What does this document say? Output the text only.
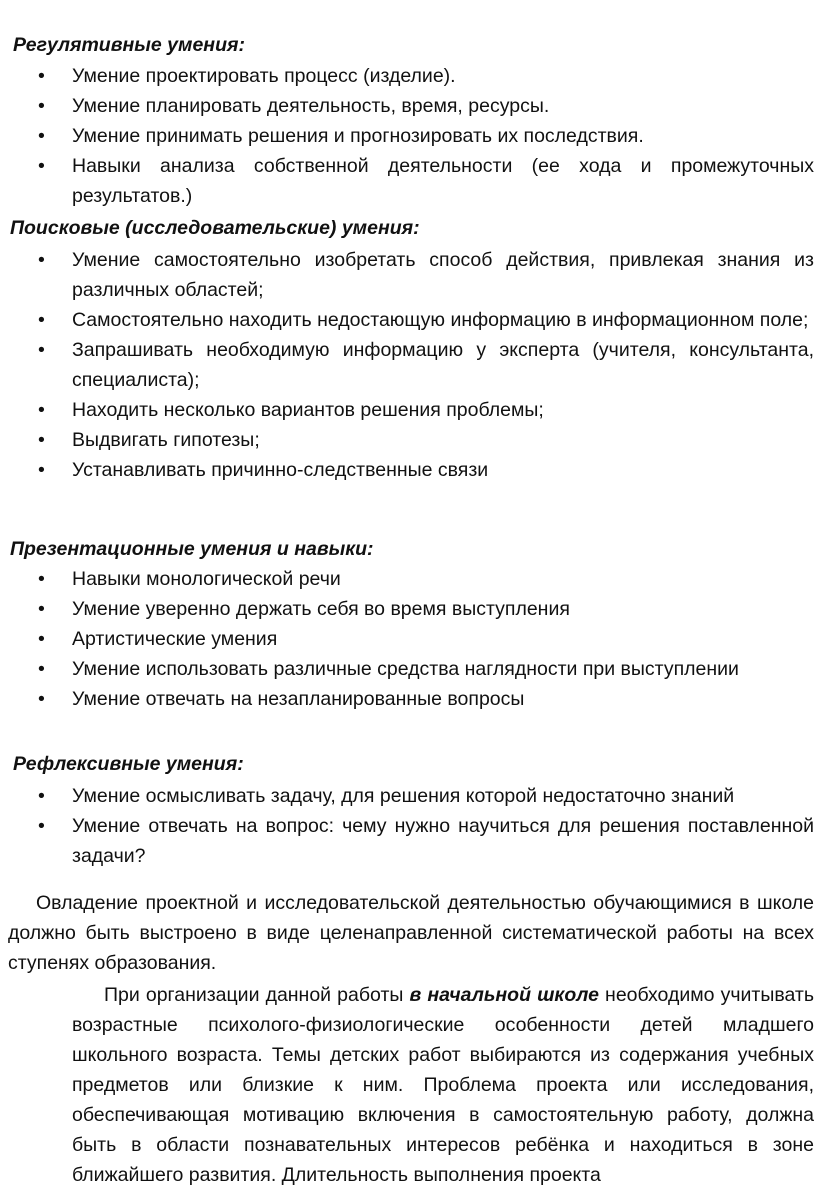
Регулятивные умения:

• Умение проектировать процесс (изделие).
• Умение планировать деятельность, время, ресурсы.
• Умение принимать решения и прогнозировать их последствия.
• Навыки анализа собственной деятельности (ее хода и промежуточных результатов.)

Поисковые (исследовательские) умения:

• Умение самостоятельно изобретать способ действия, привлекая знания из различных областей;
• Самостоятельно находить недостающую информацию в информационном поле;
• Запрашивать необходимую информацию у эксперта (учителя, консультанта, специалиста);
• Находить несколько вариантов решения проблемы;
• Выдвигать гипотезы;
• Устанавливать причинно-следственные связи

Презентационные умения и навыки:

• Навыки монологической речи
• Умение уверенно держать себя во время выступления
• Артистические умения
• Умение использовать различные средства наглядности при выступлении
• Умение отвечать на незапланированные вопросы

Рефлексивные умения:

• Умение осмысливать задачу, для решения которой недостаточно знаний
• Умение отвечать на вопрос: чему нужно научиться для решения поставленной задачи?

Овладение проектной и исследовательской деятельностью обучающимися в школе должно быть выстроено в виде целенаправленной систематической работы на всех ступенях образования.

При организации данной работы в начальной школе необходимо учитывать возрастные психолого-физиологические особенности детей младшего школьного возраста. Темы детских работ выбираются из содержания учебных предметов или близкие к ним. Проблема проекта или исследования, обеспечивающая мотивацию включения в самостоятельную работу, должна быть в области познавательных интересов ребёнка и находиться в зоне ближайшего развития. Длительность выполнения проекта
